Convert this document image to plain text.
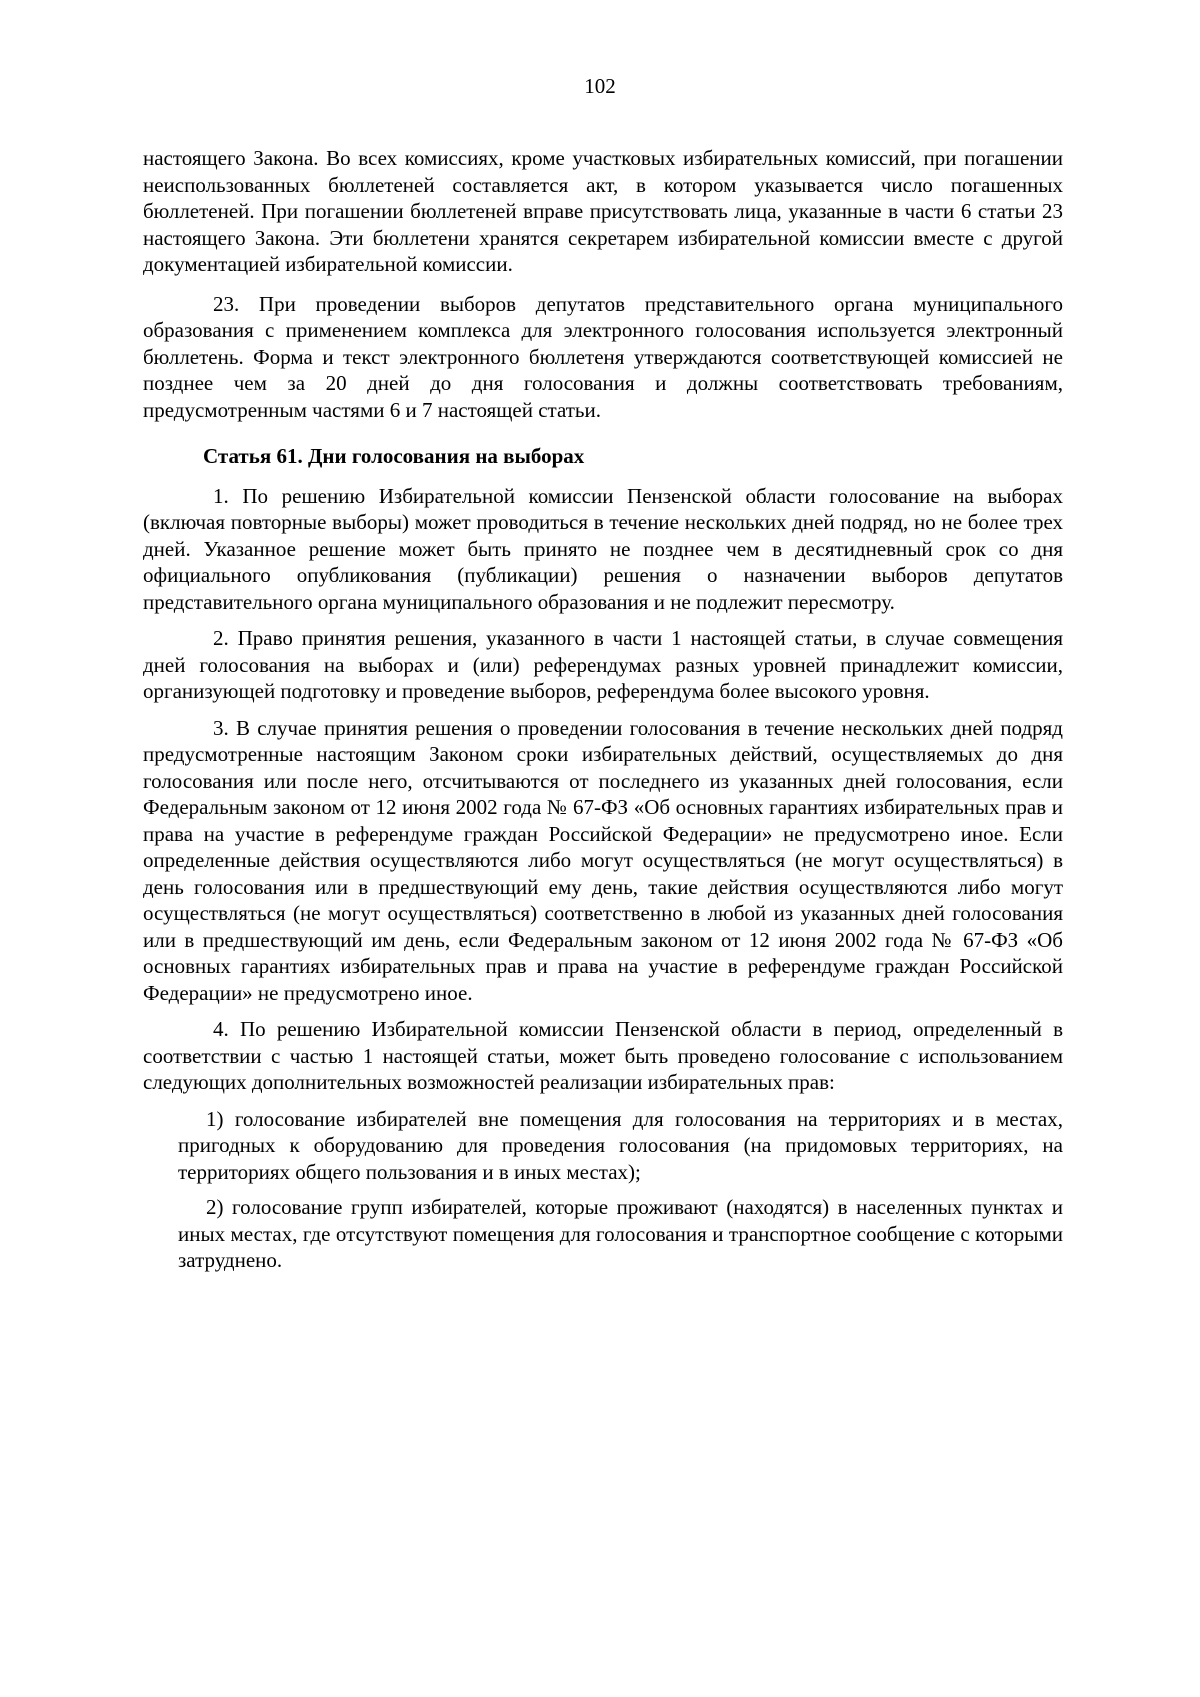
102

настоящего Закона. Во всех комиссиях, кроме участковых избирательных комиссий, при погашении неиспользованных бюллетеней составляется акт, в котором указывается число погашенных бюллетеней. При погашении бюллетеней вправе присутствовать лица, указанные в части 6 статьи 23 настоящего Закона. Эти бюллетени хранятся секретарем избирательной комиссии вместе с другой документацией избирательной комиссии.

23. При проведении выборов депутатов представительного органа муниципального образования с применением комплекса для электронного голосования используется электронный бюллетень. Форма и текст электронного бюллетеня утверждаются соответствующей комиссией не позднее чем за 20 дней до дня голосования и должны соответствовать требованиям, предусмотренным частями 6 и 7 настоящей статьи.

Статья 61. Дни голосования на выборах

1. По решению Избирательной комиссии Пензенской области голосование на выборах (включая повторные выборы) может проводиться в течение нескольких дней подряд, но не более трех дней. Указанное решение может быть принято не позднее чем в десятидневный срок со дня официального опубликования (публикации) решения о назначении выборов депутатов представительного органа муниципального образования и не подлежит пересмотру.

2. Право принятия решения, указанного в части 1 настоящей статьи, в случае совмещения дней голосования на выборах и (или) референдумах разных уровней принадлежит комиссии, организующей подготовку и проведение выборов, референдума более высокого уровня.

3. В случае принятия решения о проведении голосования в течение нескольких дней подряд предусмотренные настоящим Законом сроки избирательных действий, осуществляемых до дня голосования или после него, отсчитываются от последнего из указанных дней голосования, если Федеральным законом от 12 июня 2002 года № 67-ФЗ «Об основных гарантиях избирательных прав и права на участие в референдуме граждан Российской Федерации» не предусмотрено иное. Если определенные действия осуществляются либо могут осуществляться (не могут осуществляться) в день голосования или в предшествующий ему день, такие действия осуществляются либо могут осуществляться (не могут осуществляться) соответственно в любой из указанных дней голосования или в предшествующий им день, если Федеральным законом от 12 июня 2002 года № 67-ФЗ «Об основных гарантиях избирательных прав и права на участие в референдуме граждан Российской Федерации» не предусмотрено иное.

4. По решению Избирательной комиссии Пензенской области в период, определенный в соответствии с частью 1 настоящей статьи, может быть проведено голосование с использованием следующих дополнительных возможностей реализации избирательных прав:

1) голосование избирателей вне помещения для голосования на территориях и в местах, пригодных к оборудованию для проведения голосования (на придомовых территориях, на территориях общего пользования и в иных местах);

2) голосование групп избирателей, которые проживают (находятся) в населенных пунктах и иных местах, где отсутствуют помещения для голосования и транспортное сообщение с которыми затруднено.
